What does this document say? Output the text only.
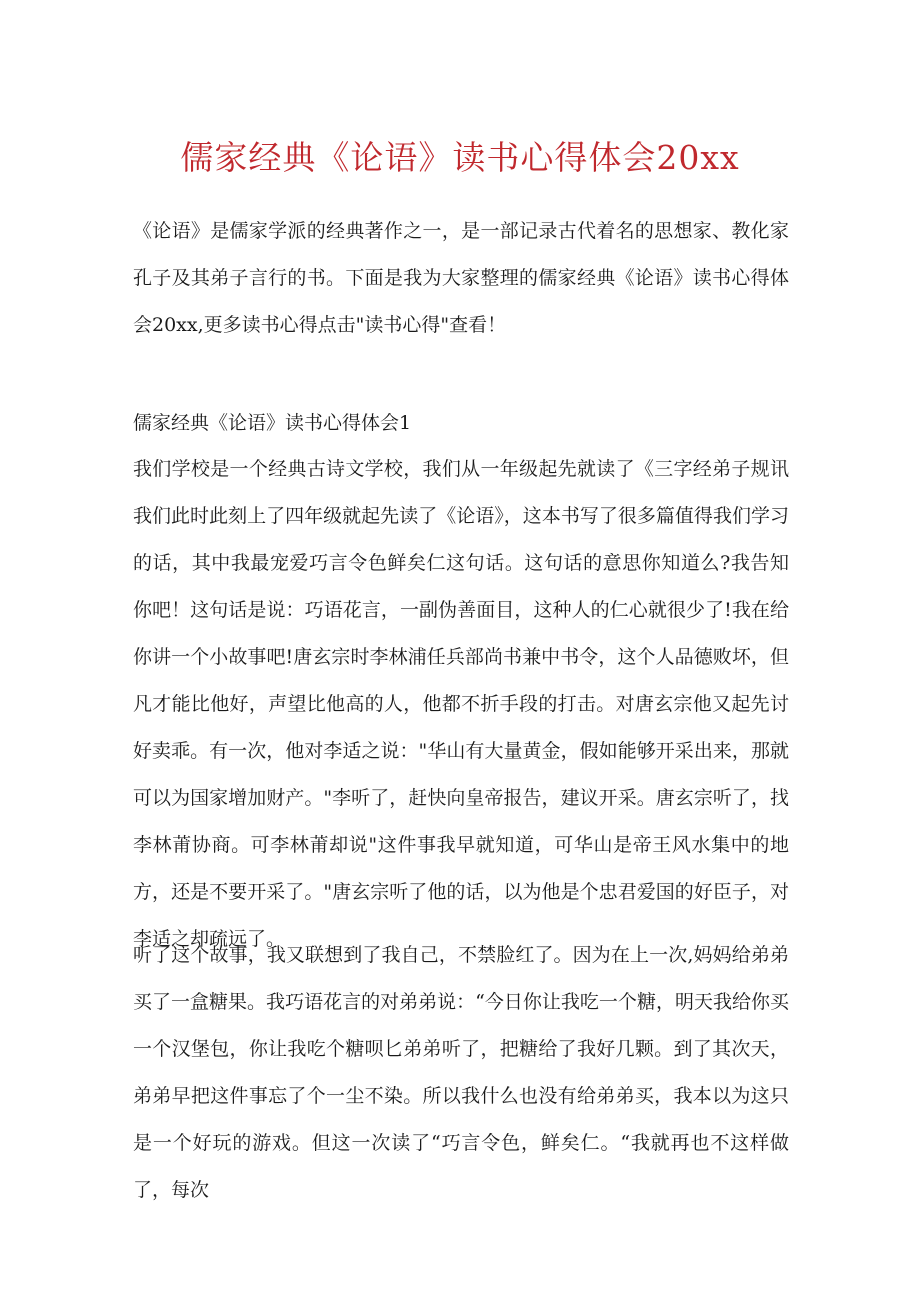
儒家经典《论语》读书心得体会20xx

《论语》是儒家学派的经典著作之一，是一部记录古代着名的思想家、教化家孔子及其弟子言行的书。下面是我为大家整理的儒家经典《论语》读书心得体会20xx,更多读书心得点击"读书心得"查看！

儒家经典《论语》读书心得体会1

我们学校是一个经典古诗文学校，我们从一年级起先就读了《三字经弟子规讯我们此时此刻上了四年级就起先读了《论语》，这本书写了很多篇值得我们学习的话，其中我最宠爱巧言令色鲜矣仁这句话。这句话的意思你知道么?我告知你吧！这句话是说：巧语花言，一副伪善面目，这种人的仁心就很少了!我在给你讲一个小故事吧!唐玄宗时李林浦任兵部尚书兼中书令，这个人品德败坏，但凡才能比他好，声望比他高的人，他都不折手段的打击。对唐玄宗他又起先讨好卖乖。有一次，他对李适之说："华山有大量黄金，假如能够开采出来，那就可以为国家增加财产。"李听了，赶快向皇帝报告，建议开采。唐玄宗听了，找李林莆协商。可李林莆却说"这件事我早就知道，可华山是帝王风水集中的地方，还是不要开采了。"唐玄宗听了他的话，以为他是个忠君爱国的好臣子，对李适之却疏远了。

听了这个故事，我又联想到了我自己，不禁脸红了。因为在上一次,妈妈给弟弟买了一盒糖果。我巧语花言的对弟弟说：“今日你让我吃一个糖，明天我给你买一个汉堡包，你让我吃个糖呗匕弟弟听了，把糖给了我好几颗。到了其次天，弟弟早把这件事忘了个一尘不染。所以我什么也没有给弟弟买，我本以为这只是一个好玩的游戏。但这一次读了“巧言令色，鲜矣仁。“我就再也不这样做了，每次
